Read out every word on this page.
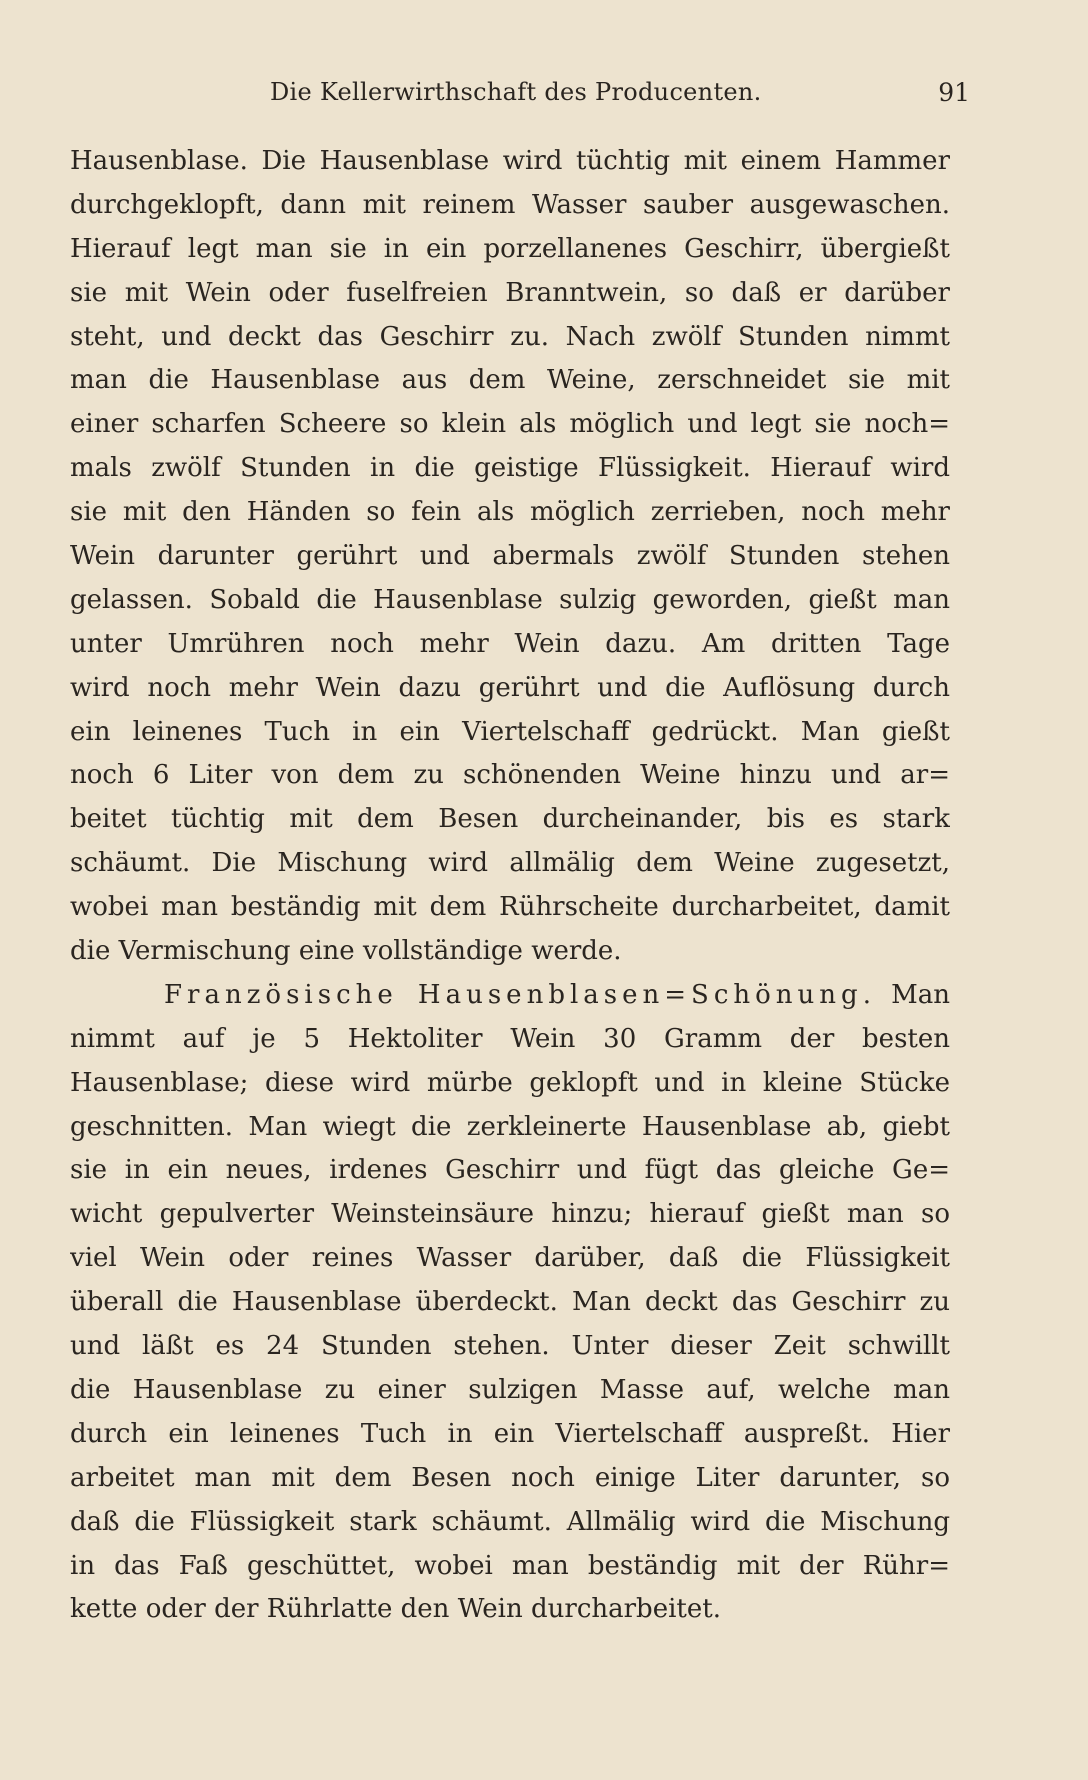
Die Kellerwirthschaft des Producenten.	91
Hausenblase. Die Hausenblase wird tüchtig mit einem Hammer
durchgeklopft, dann mit reinem Wasser sauber ausgewaschen.
Hierauf legt man sie in ein porzellanenes Geschirr, übergießt
sie mit Wein oder fuselfreien Branntwein, so daß er darüber
steht, und deckt das Geschirr zu. Nach zwölf Stunden nimmt
man die Hausenblase aus dem Weine, zerschneidet sie mit
einer scharfen Scheere so klein als möglich und legt sie noch=
mals zwölf Stunden in die geistige Flüssigkeit. Hierauf wird
sie mit den Händen so fein als möglich zerrieben, noch mehr
Wein darunter gerührt und abermals zwölf Stunden stehen
gelassen. Sobald die Hausenblase sulzig geworden, gießt man
unter Umrühren noch mehr Wein dazu. Am dritten Tage
wird noch mehr Wein dazu gerührt und die Auflösung durch
ein leinenes Tuch in ein Viertelschaff gedrückt. Man gießt
noch 6 Liter von dem zu schönenden Weine hinzu und ar=
beitet tüchtig mit dem Besen durcheinander, bis es stark
schäumt. Die Mischung wird allmälig dem Weine zugesetzt,
wobei man beständig mit dem Rührscheite durcharbeitet, damit
die Vermischung eine vollständige werde.
Französische Hausenblasen=Schönung. Man
nimmt auf je 5 Hektoliter Wein 30 Gramm der besten
Hausenblase; diese wird mürbe geklopft und in kleine Stücke
geschnitten. Man wiegt die zerkleinerte Hausenblase ab, giebt
sie in ein neues, irdenes Geschirr und fügt das gleiche Ge=
wicht gepulverter Weinsteinsäure hinzu; hierauf gießt man so
viel Wein oder reines Wasser darüber, daß die Flüssigkeit
überall die Hausenblase überdeckt. Man deckt das Geschirr zu
und läßt es 24 Stunden stehen. Unter dieser Zeit schwillt
die Hausenblase zu einer sulzigen Masse auf, welche man
durch ein leinenes Tuch in ein Viertelschaff auspreßt. Hier
arbeitet man mit dem Besen noch einige Liter darunter, so
daß die Flüssigkeit stark schäumt. Allmälig wird die Mischung
in das Faß geschüttet, wobei man beständig mit der Rühr=
kette oder der Rührlatte den Wein durcharbeitet.
